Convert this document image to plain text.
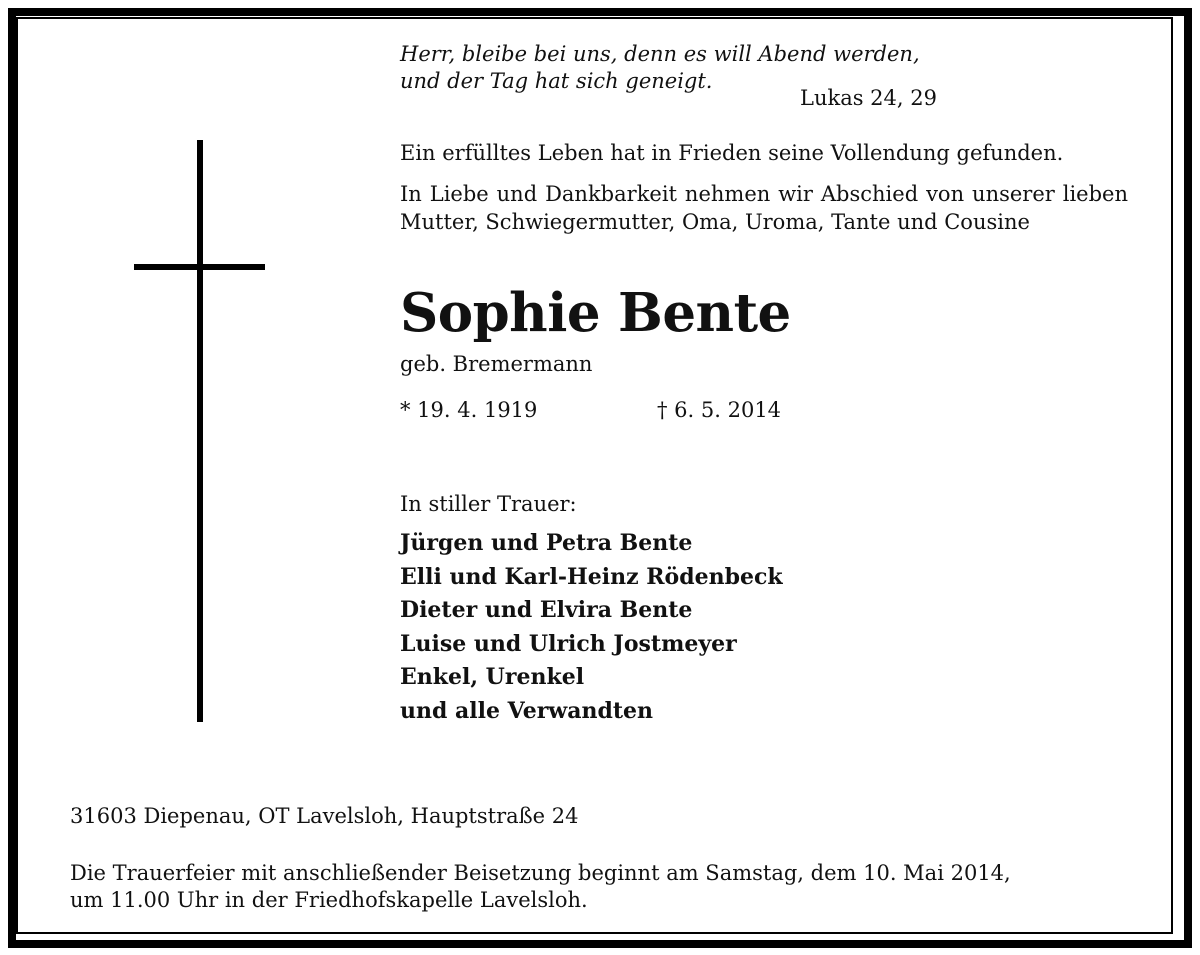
Herr, bleibe bei uns, denn es will Abend werden,

und der Tag hat sich geneigt.

Lukas 24, 29

Ein erfülltes Leben hat in Frieden seine Vollendung gefunden.

In Liebe und Dankbarkeit nehmen wir Abschied von unserer lieben Mutter, Schwiegermutter, Oma, Uroma, Tante und Cousine

Sophie Bente

geb. Bremermann

* 19. 4. 1919	† 6. 5. 2014

In stiller Trauer:

Jürgen und Petra Bente
Elli und Karl-Heinz Rödenbeck
Dieter und Elvira Bente
Luise und Ulrich Jostmeyer
Enkel, Urenkel
und alle Verwandten

31603 Diepenau, OT Lavelsloh, Hauptstraße 24

Die Trauerfeier mit anschließender Beisetzung beginnt am Samstag, dem 10. Mai 2014,

um 11.00 Uhr in der Friedhofskapelle Lavelsloh.
